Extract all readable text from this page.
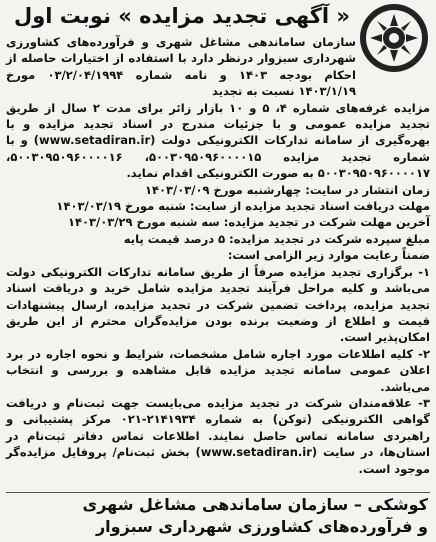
« آگهی تجدید مزایده » نوبت اول
سازمان ساماندهی مشاغل شهری و فرآورده‌های کشاورزی شهرداری سبزوار درنظر دارد با استفاده از اختیارات حاصله از احکام بودجه ۱۴۰۳ و نامه شماره ۰۳/۲/۰۴/۱۹۹۴ مورخ ۱۴۰۳/۱/۱۹ نسبت به تجدید
مزایده غرفه‌های شماره ۴، ۵ و ۱۰ بازار زائر برای مدت ۲ سال از طریق تجدید مزایده عمومی و با جزئیات مندرج در اسناد تجدید مزایده و با بهره‌گیری از سامانه تدارکات الکترونیکی دولت (www.setadiran.ir) و با شماره تجدید مزایده ۵۰۰۳۰۹۵۰۹۶۰۰۰۰۱۵، ۵۰۰۳۰۹۵۰۹۶۰۰۰۰۱۶، ۵۰۰۳۰۹۵۰۹۶۰۰۰۰۱۷ به صورت الکترونیکی اقدام نماید.
زمان انتشار در سایت: چهارشنبه مورخ ۱۴۰۳/۰۳/۰۹
مهلت دریافت اسناد تجدید مزایده از سایت: شنبه مورخ ۱۴۰۳/۰۳/۱۹
آخرین مهلت شرکت در تجدید مزایده: سه شنبه مورخ ۱۴۰۳/۰۳/۲۹
مبلغ سپرده شرکت در تجدید مزایده: ۵ درصد قیمت پایه
ضمناً رعایت موارد زیر الزامی است:
۱- برگزاری تجدید مزایده صرفاً از طریق سامانه تدارکات الکترونیکی دولت می‌باشد و کلیه مراحل فرآیند تجدید مزایده شامل خرید و دریافت اسناد تجدید مزایده، پرداخت تضمین شرکت در تجدید مزایده، ارسال پیشنهادات قیمت و اطلاع از وضعیت برنده بودن مزایده‌گران محترم از این طریق امکان‌پذیر است.
۲- کلیه اطلاعات مورد اجاره شامل مشخصات، شرایط و نحوه اجاره در برد اعلان عمومی سامانه تجدید مزایده قابل مشاهده و بررسی و انتخاب می‌باشد.
۳- علاقه‌مندان شرکت در تجدید مزایده می‌بایست جهت ثبت‌نام و دریافت گواهی الکترونیکی (توکن) به شماره ۲۱۴۱۹۳۴-۰۲۱ مرکز پشتیبانی و راهبردی سامانه تماس حاصل نمایند. اطلاعات تماس دفاتر ثبت‌نام در استان‌ها، در سایت (www.setadiran.ir) بخش ثبت‌نام/ پروفایل مزایده‌گر موجود است.
کوشکی – سازمان ساماندهی مشاغل شهری
و فرآورده‌های کشاورزی شهرداری سبزوار
